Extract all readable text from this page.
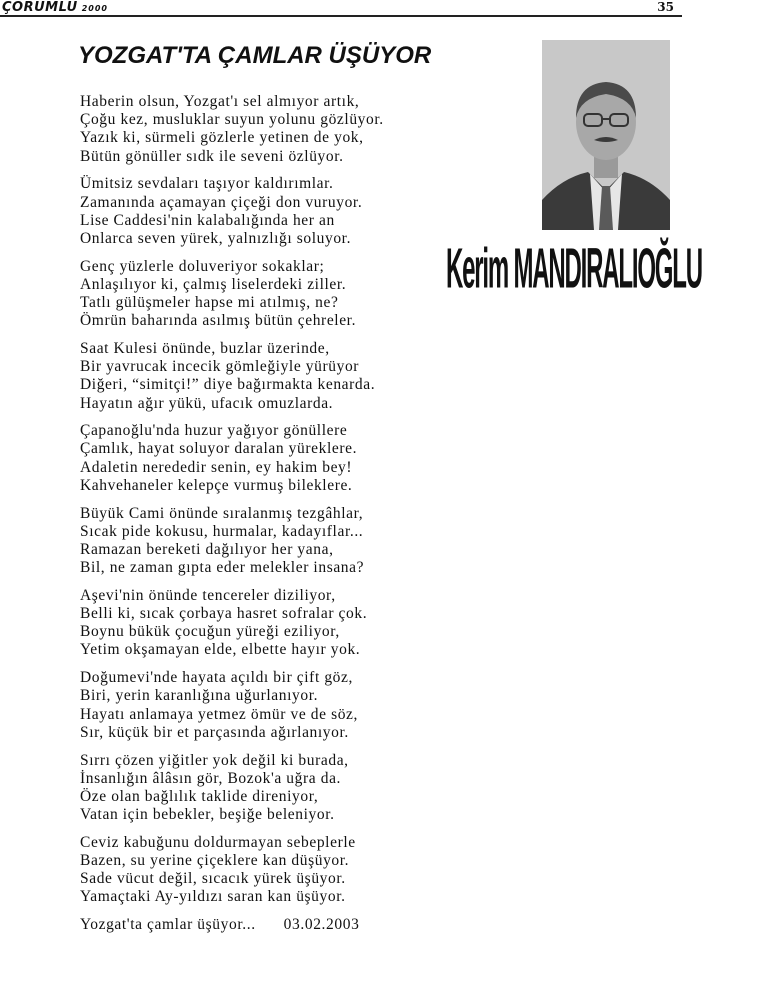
ÇORUMLU 2000	35
YOZGAT'TA ÇAMLAR ÜŞÜYOR
Kerim MANDIRALIOĞLU
Haberin olsun, Yozgat'ı sel almıyor artık,
Çoğu kez, musluklar suyun yolunu gözlüyor.
Yazık ki, sürmeli gözlerle yetinen de yok,
Bütün gönüller sıdk ile seveni özlüyor.
Ümitsiz sevdaları taşıyor kaldırımlar.
Zamanında açamayan çiçeği don vuruyor.
Lise Caddesi'nin kalabalığında her an
Onlarca seven yürek, yalnızlığı soluyor.
Genç yüzlerle doluveriyor sokaklar;
Anlaşılıyor ki, çalmış liselerdeki ziller.
Tatlı gülüşmeler hapse mi atılmış, ne?
Ömrün baharında asılmış bütün çehreler.
Saat Kulesi önünde, buzlar üzerinde,
Bir yavrucak incecik gömleğiyle yürüyor
Diğeri, “simitçi!” diye bağırmakta kenarda.
Hayatın ağır yükü, ufacık omuzlarda.
Çapanoğlu'nda huzur yağıyor gönüllere
Çamlık, hayat soluyor daralan yüreklere.
Adaletin nerededir senin, ey hakim bey!
Kahvehaneler kelepçe vurmuş bileklere.
Büyük Cami önünde sıralanmış tezgâhlar,
Sıcak pide kokusu, hurmalar, kadayıflar...
Ramazan bereketi dağılıyor her yana,
Bil, ne zaman gıpta eder melekler insana?
Aşevi'nin önünde tencereler diziliyor,
Belli ki, sıcak çorbaya hasret sofralar çok.
Boynu bükük çocuğun yüreği eziliyor,
Yetim okşamayan elde, elbette hayır yok.
Doğumevi'nde hayata açıldı bir çift göz,
Biri, yerin karanlığına uğurlanıyor.
Hayatı anlamaya yetmez ömür ve de söz,
Sır, küçük bir et parçasında ağırlanıyor.
Sırrı çözen yiğitler yok değil ki burada,
İnsanlığın âlâsın gör, Bozok'a uğra da.
Öze olan bağlılık taklide direniyor,
Vatan için bebekler, beşiğe beleniyor.
Ceviz kabuğunu doldurmayan sebeplerle
Bazen, su yerine çiçeklere kan düşüyor.
Sade vücut değil, sıcacık yürek üşüyor.
Yamaçtaki Ay-yıldızı saran kan üşüyor.
Yozgat'ta çamlar üşüyor... 03.02.2003
